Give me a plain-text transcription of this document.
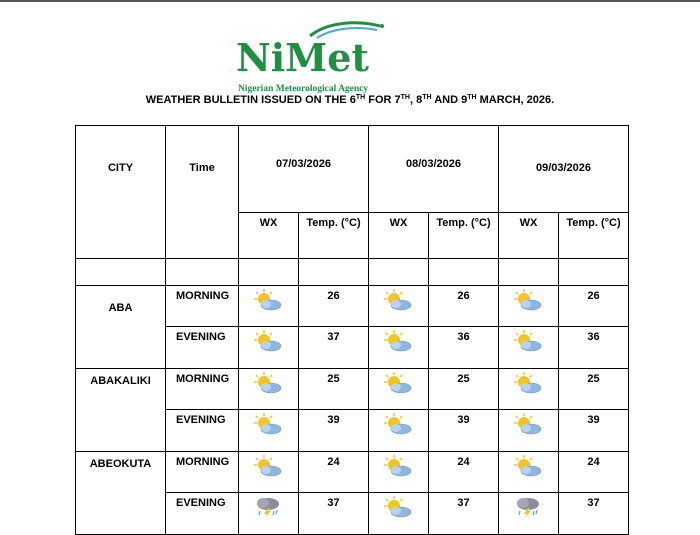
NiMet
Nigerian Meteorological Agency
WEATHER BULLETIN ISSUED ON THE 6TH FOR 7TH, 8TH AND 9TH MARCH, 2026.
CITY	Time	07/03/2026		08/03/2026		09/03/2026	
		WX	Temp. (°C)	WX	Temp. (°C)	WX	Temp. (°C)

ABA	MORNING		26		26		26
	EVENING		37		36		36
ABAKALIKI	MORNING		25		25		25
	EVENING		39		39		39
ABEOKUTA	MORNING		24		24		24
	EVENING		37		37		37
